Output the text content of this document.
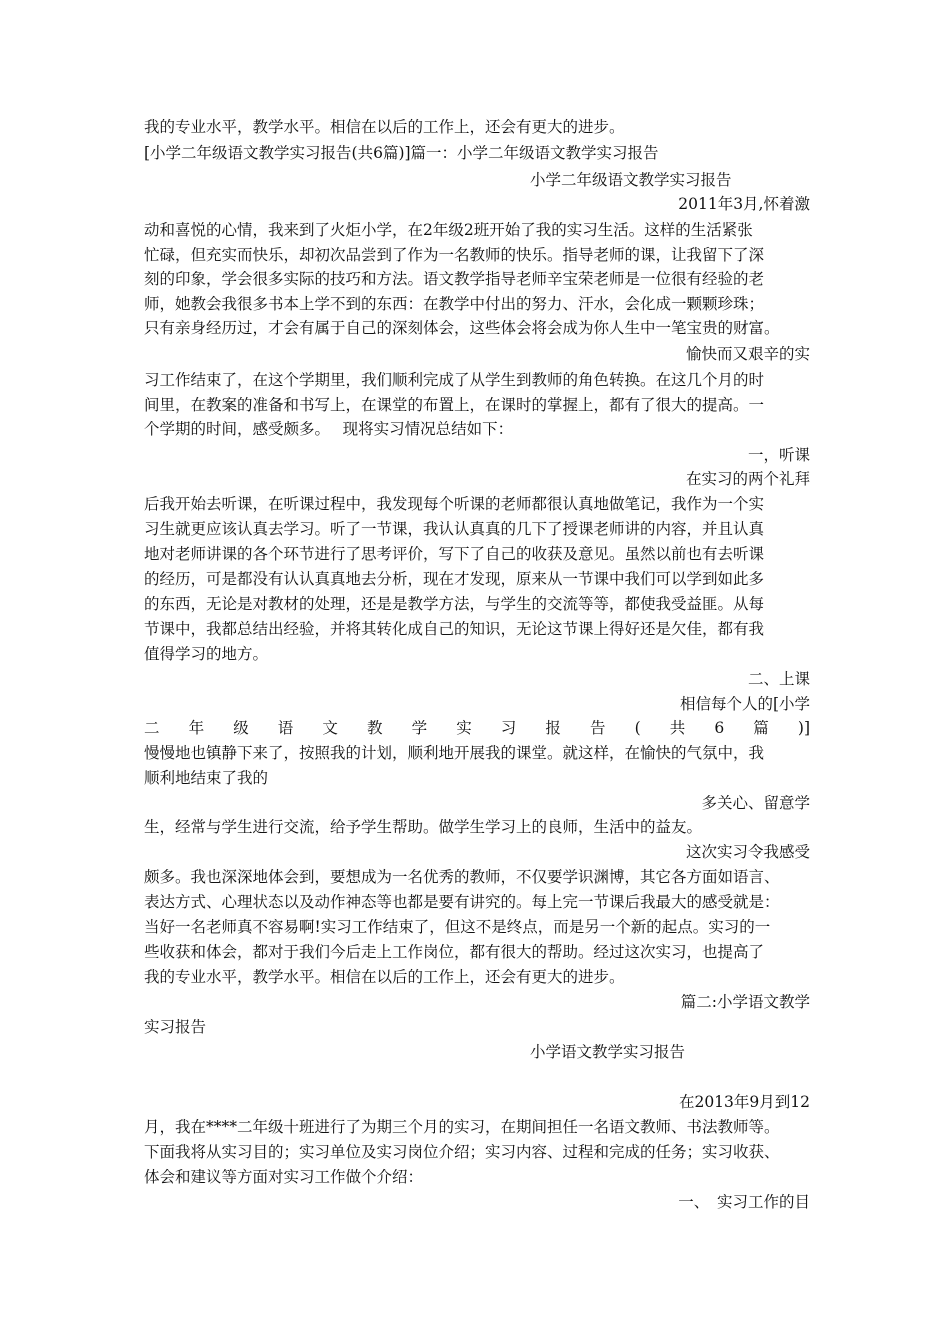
我的专业水平，教学水平。相信在以后的工作上，还会有更大的进步。
[小学二年级语文教学实习报告(共6篇)]篇一：小学二年级语文教学实习报告
小学二年级语文教学实习报告
2011年3月,怀着激
动和喜悦的心情，我来到了火炬小学，在2年级2班开始了我的实习生活。这样的生活紧张
忙碌，但充实而快乐，却初次品尝到了作为一名教师的快乐。指导老师的课，让我留下了深
刻的印象，学会很多实际的技巧和方法。语文教学指导老师辛宝荣老师是一位很有经验的老
师，她教会我很多书本上学不到的东西：在教学中付出的努力、汗水，会化成一颗颗珍珠；
只有亲身经历过，才会有属于自己的深刻体会，这些体会将会成为你人生中一笔宝贵的财富。
愉快而又艰辛的实
习工作结束了，在这个学期里，我们顺利完成了从学生到教师的角色转换。在这几个月的时
间里，在教案的准备和书写上，在课堂的布置上，在课时的掌握上，都有了很大的提高。一
个学期的时间，感受颇多。　 现将实习情况总结如下：
一，听课
在实习的两个礼拜
后我开始去听课，在听课过程中，我发现每个听课的老师都很认真地做笔记，我作为一个实
习生就更应该认真去学习。听了一节课，我认认真真的几下了授课老师讲的内容，并且认真
地对老师讲课的各个环节进行了思考评价，写下了自己的收获及意见。虽然以前也有去听课
的经历，可是都没有认认真真地去分析，现在才发现，原来从一节课中我们可以学到如此多
的东西，无论是对教材的处理，还是是教学方法，与学生的交流等等，都使我受益匪。从每
节课中，我都总结出经验，并将其转化成自己的知识，无论这节课上得好还是欠佳，都有我
值得学习的地方。
二、上课
相信每个人的[小学
二年级语文教学实习报告(共6篇)]
慢慢地也镇静下来了，按照我的计划，顺利地开展我的课堂。就这样，在愉快的气氛中，我
顺利地结束了我的
多关心、留意学
生，经常与学生进行交流，给予学生帮助。做学生学习上的良师，生活中的益友。
这次实习令我感受
颇多。我也深深地体会到，要想成为一名优秀的教师，不仅要学识渊博，其它各方面如语言、
表达方式、心理状态以及动作神态等也都是要有讲究的。每上完一节课后我最大的感受就是：
当好一名老师真不容易啊!实习工作结束了，但这不是终点，而是另一个新的起点。实习的一
些收获和体会，都对于我们今后走上工作岗位，都有很大的帮助。经过这次实习，也提高了
我的专业水平，教学水平。相信在以后的工作上，还会有更大的进步。
篇二:小学语文教学
实习报告
小学语文教学实习报告
在2013年9月到12
月，我在****二年级十班进行了为期三个月的实习，在期间担任一名语文教师、书法教师等。
下面我将从实习目的；实习单位及实习岗位介绍；实习内容、过程和完成的任务；实习收获、
体会和建议等方面对实习工作做个介绍：
一、　实习工作的目
